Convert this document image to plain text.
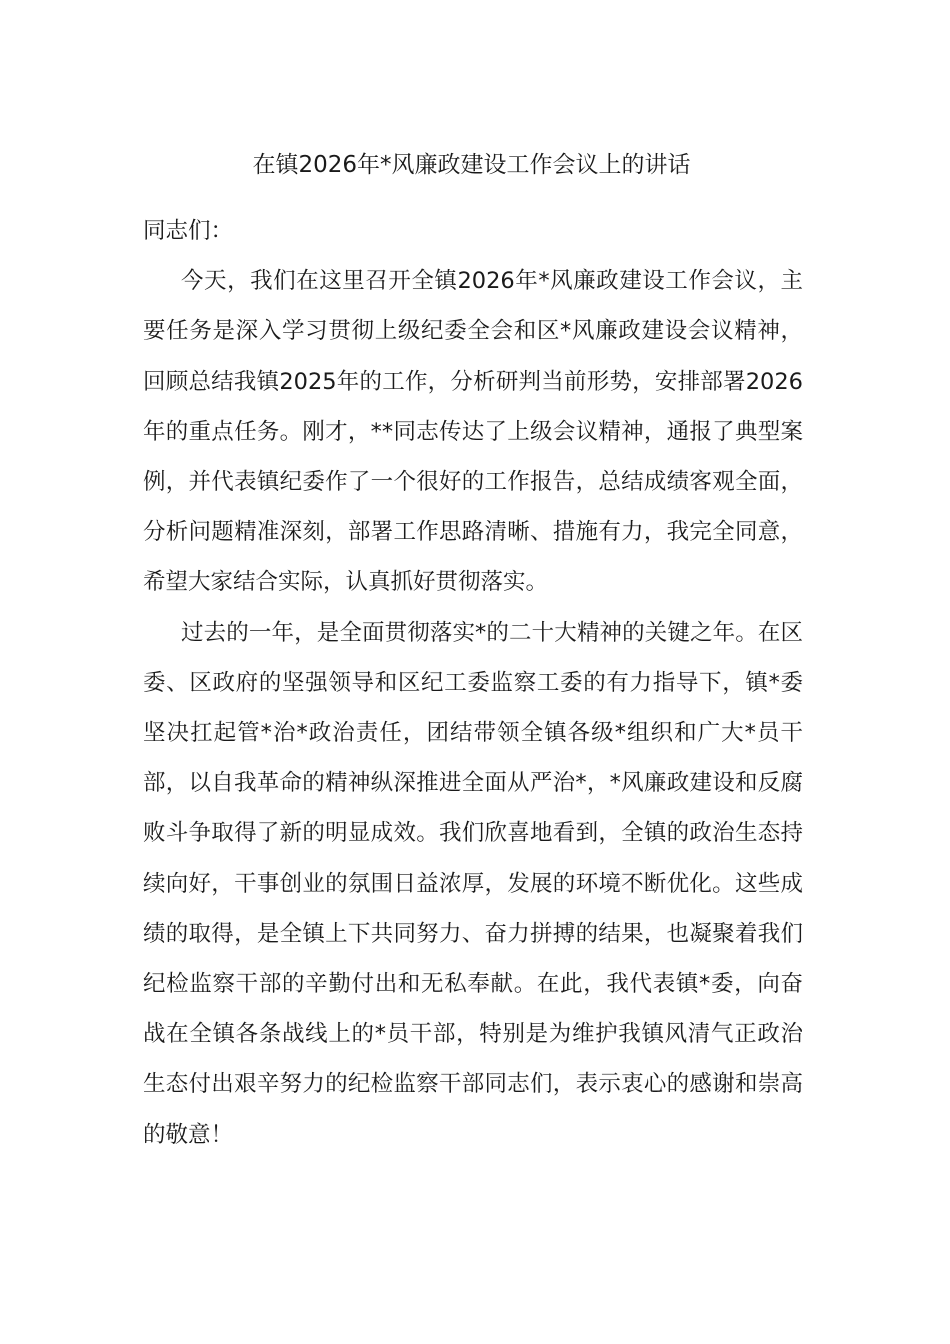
在镇2026年*风廉政建设工作会议上的讲话

同志们：

今天，我们在这里召开全镇2026年*风廉政建设工作会议，主要任务是深入学习贯彻上级纪委全会和区*风廉政建设会议精神，回顾总结我镇2025年的工作，分析研判当前形势，安排部署2026年的重点任务。刚才，**同志传达了上级会议精神，通报了典型案例，并代表镇纪委作了一个很好的工作报告，总结成绩客观全面，分析问题精准深刻，部署工作思路清晰、措施有力，我完全同意，希望大家结合实际，认真抓好贯彻落实。

过去的一年，是全面贯彻落实*的二十大精神的关键之年。在区委、区政府的坚强领导和区纪工委监察工委的有力指导下，镇*委坚决扛起管*治*政治责任，团结带领全镇各级*组织和广大*员干部，以自我革命的精神纵深推进全面从严治*，*风廉政建设和反腐败斗争取得了新的明显成效。我们欣喜地看到，全镇的政治生态持续向好，干事创业的氛围日益浓厚，发展的环境不断优化。这些成绩的取得，是全镇上下共同努力、奋力拼搏的结果，也凝聚着我们纪检监察干部的辛勤付出和无私奉献。在此，我代表镇*委，向奋战在全镇各条战线上的*员干部，特别是为维护我镇风清气正政治生态付出艰辛努力的纪检监察干部同志们，表示衷心的感谢和崇高的敬意！
